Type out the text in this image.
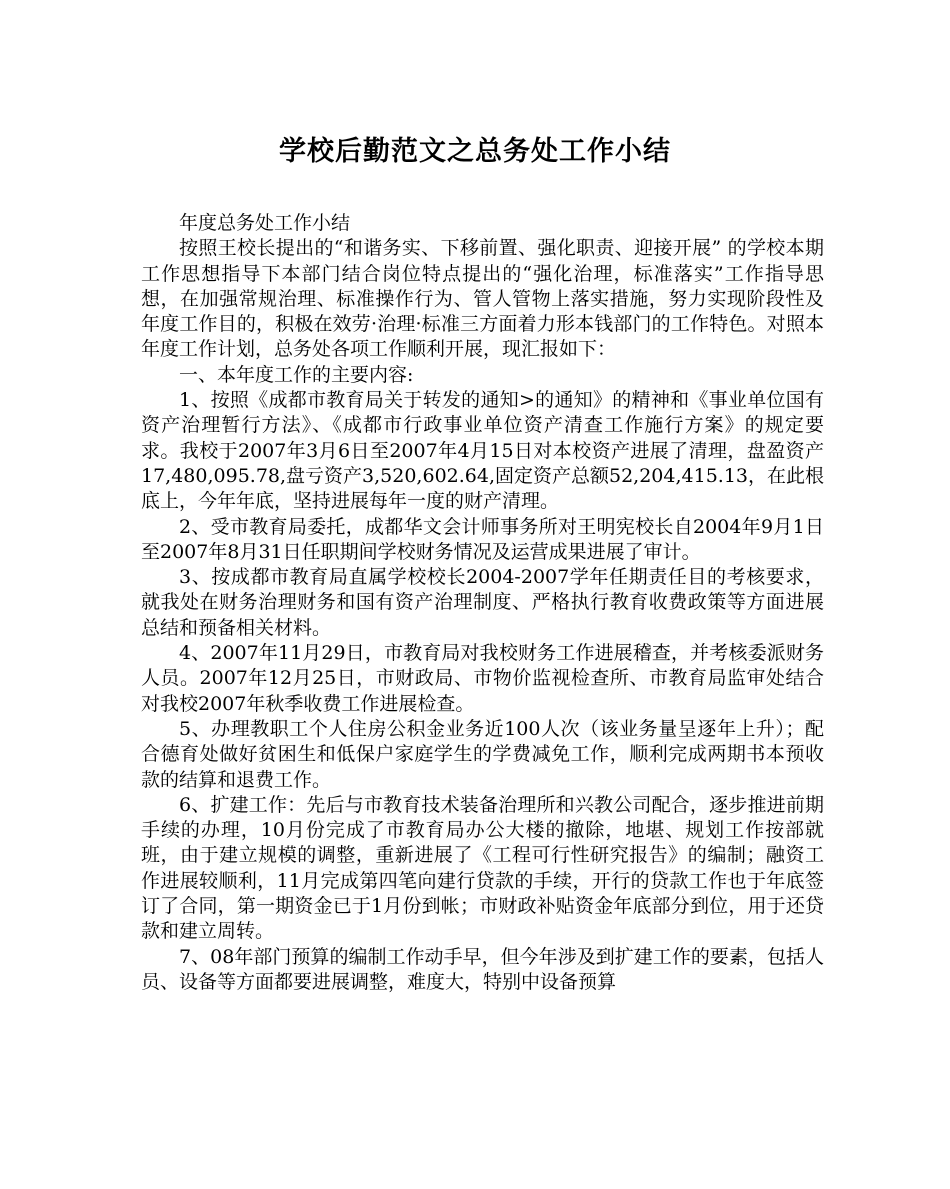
学校后勤范文之总务处工作小结

年度总务处工作小结

按照王校长提出的“和谐务实、下移前置、强化职责、迎接开展” 的学校本期工作思想指导下本部门结合岗位特点提出的“强化治理，标准落实”工作指导思想，在加强常规治理、标准操作行为、管人管物上落实措施，努力实现阶段性及年度工作目的，积极在效劳·治理·标准三方面着力形本钱部门的工作特色。对照本年度工作计划，总务处各项工作顺利开展，现汇报如下：

一、本年度工作的主要内容:

1、按照《成都市教育局关于转发的通知>的通知》的精神和《事业单位国有资产治理暂行方法》、《成都市行政事业单位资产清查工作施行方案》的规定要求。我校于2007年3月6日至2007年4月15日对本校资产进展了清理，盘盈资产17,480,095.78,盘亏资产3,520,602.64,固定资产总额52,204,415.13，在此根底上，今年年底，坚持进展每年一度的财产清理。

2、受市教育局委托，成都华文会计师事务所对王明宪校长自2004年9月1日至2007年8月31日任职期间学校财务情况及运营成果进展了审计。

3、按成都市教育局直属学校校长2004-2007学年任期责任目的考核要求，就我处在财务治理财务和国有资产治理制度、严格执行教育收费政策等方面进展总结和预备相关材料。

4、2007年11月29日，市教育局对我校财务工作进展稽查，并考核委派财务人员。2007年12月25日，市财政局、市物价监视检查所、市教育局监审处结合对我校2007年秋季收费工作进展检查。

5、办理教职工个人住房公积金业务近100人次（该业务量呈逐年上升）；配合德育处做好贫困生和低保户家庭学生的学费减免工作，顺利完成两期书本预收款的结算和退费工作。

6、扩建工作：先后与市教育技术装备治理所和兴教公司配合，逐步推进前期手续的办理，10月份完成了市教育局办公大楼的撤除，地堪、规划工作按部就班，由于建立规模的调整，重新进展了《工程可行性研究报告》的编制；融资工作进展较顺利，11月完成第四笔向建行贷款的手续，开行的贷款工作也于年底签订了合同，第一期资金已于1月份到帐；市财政补贴资金年底部分到位，用于还贷款和建立周转。

7、08年部门预算的编制工作动手早，但今年涉及到扩建工作的要素，包括人员、设备等方面都要进展调整，难度大，特别中设备预算
